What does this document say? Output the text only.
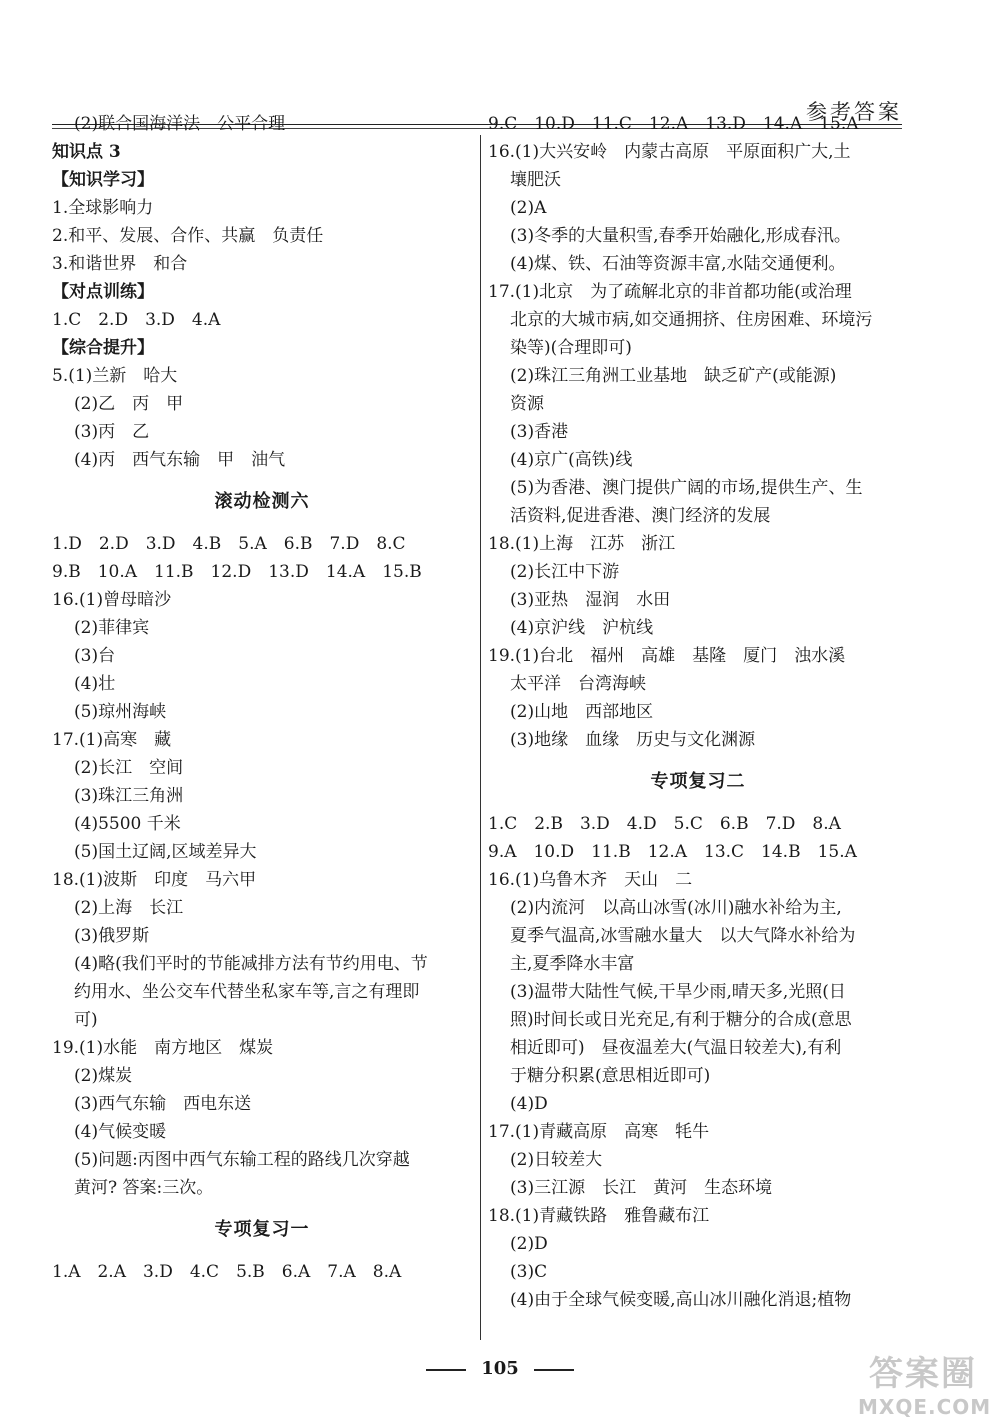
参考答案
(2)联合国海洋法　公平合理
知识点 3
【知识学习】
1.全球影响力
2.和平、发展、合作、共赢　负责任
3.和谐世界　和合
【对点训练】
1.C　2.D　3.D　4.A
【综合提升】
5.(1)兰新　哈大
(2)乙　丙　甲
(3)丙　乙
(4)丙　西气东输　甲　油气
滚动检测六
1.D　2.D　3.D　4.B　5.A　6.B　7.D　8.C
9.B　10.A　11.B　12.D　13.D　14.A　15.B
16.(1)曾母暗沙
(2)菲律宾
(3)台
(4)壮
(5)琼州海峡
17.(1)高寒　藏
(2)长江　空间
(3)珠江三角洲
(4)5500 千米
(5)国土辽阔,区域差异大
18.(1)波斯　印度　马六甲
(2)上海　长江
(3)俄罗斯
(4)略(我们平时的节能减排方法有节约用电、节
约用水、坐公交车代替坐私家车等,言之有理即
可)
19.(1)水能　南方地区　煤炭
(2)煤炭
(3)西气东输　西电东送
(4)气候变暖
(5)问题:丙图中西气东输工程的路线几次穿越
黄河? 答案:三次。
专项复习一
1.A　2.A　3.D　4.C　5.B　6.A　7.A　8.A
9.C　10.D　11.C　12.A　13.D　14.A　15.A
16.(1)大兴安岭　内蒙古高原　平原面积广大,土
壤肥沃
(2)A
(3)冬季的大量积雪,春季开始融化,形成春汛。
(4)煤、铁、石油等资源丰富,水陆交通便利。
17.(1)北京　为了疏解北京的非首都功能(或治理
北京的大城市病,如交通拥挤、住房困难、环境污
染等)(合理即可)
(2)珠江三角洲工业基地　缺乏矿产(或能源)
资源
(3)香港
(4)京广(高铁)线
(5)为香港、澳门提供广阔的市场,提供生产、生
活资料,促进香港、澳门经济的发展
18.(1)上海　江苏　浙江
(2)长江中下游
(3)亚热　湿润　水田
(4)京沪线　沪杭线
19.(1)台北　福州　高雄　基隆　厦门　浊水溪
太平洋　台湾海峡
(2)山地　西部地区
(3)地缘　血缘　历史与文化渊源
专项复习二
1.C　2.B　3.D　4.D　5.C　6.B　7.D　8.A
9.A　10.D　11.B　12.A　13.C　14.B　15.A
16.(1)乌鲁木齐　天山　二
(2)内流河　以高山冰雪(冰川)融水补给为主,
夏季气温高,冰雪融水量大　以大气降水补给为
主,夏季降水丰富
(3)温带大陆性气候,干旱少雨,晴天多,光照(日
照)时间长或日光充足,有利于糖分的合成(意思
相近即可)　昼夜温差大(气温日较差大),有利
于糖分积累(意思相近即可)
(4)D
17.(1)青藏高原　高寒　牦牛
(2)日较差大
(3)三江源　长江　黄河　生态环境
18.(1)青藏铁路　雅鲁藏布江
(2)D
(3)C
(4)由于全球气候变暖,高山冰川融化消退;植物
105	答案圈
MXQE.COM
